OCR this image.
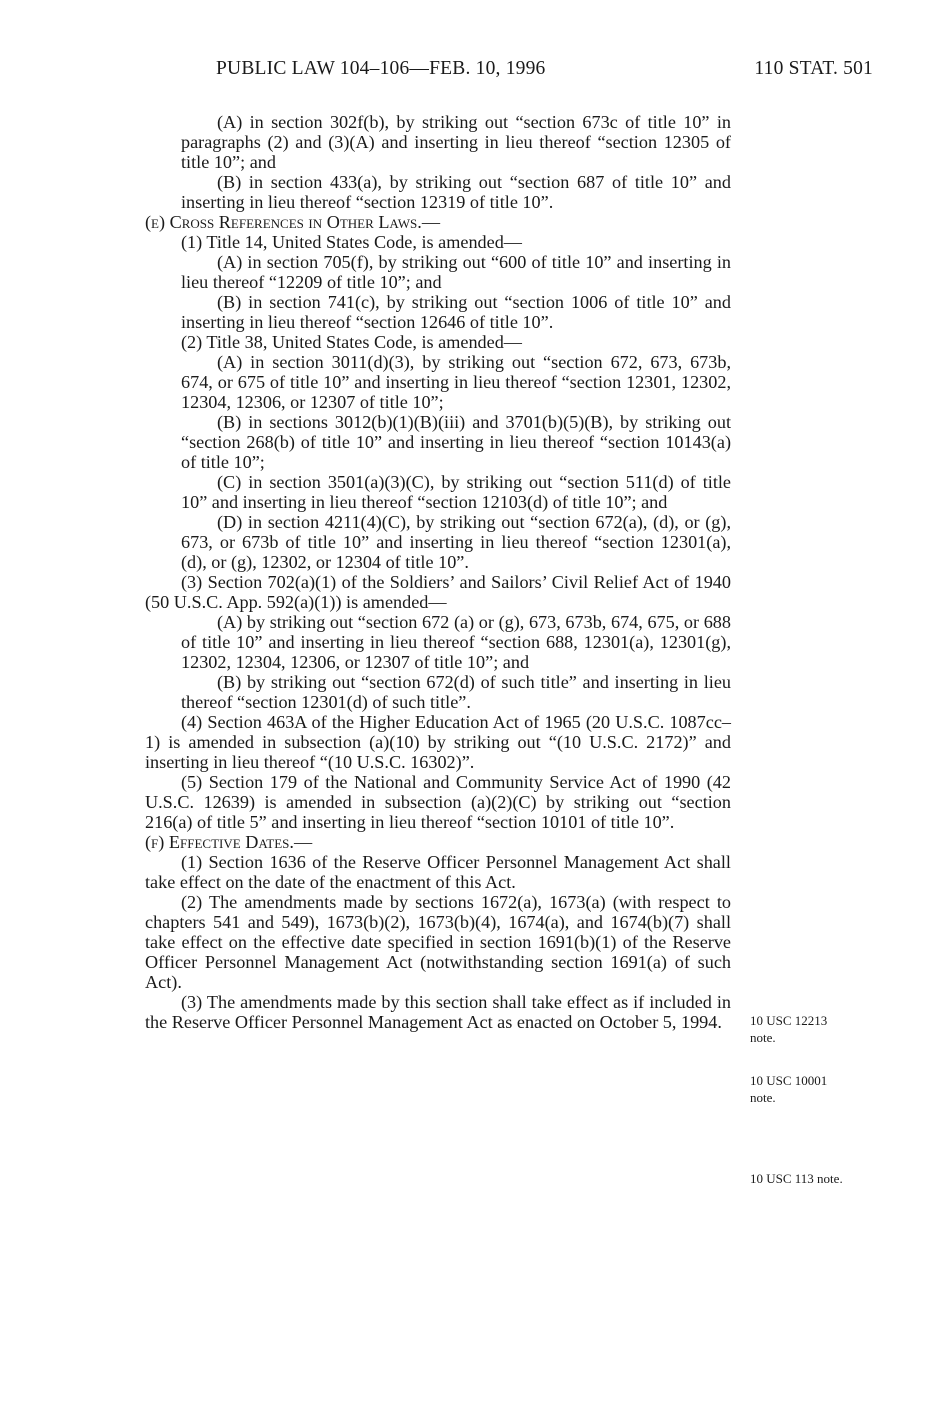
PUBLIC LAW 104–106—FEB. 10, 1996	110 STAT. 501

(A) in section 302f(b), by striking out “section 673c of title 10” in paragraphs (2) and (3)(A) and inserting in lieu thereof “section 12305 of title 10”; and

(B) in section 433(a), by striking out “section 687 of title 10” and inserting in lieu thereof “section 12319 of title 10”.

(e) Cross References in Other Laws.—

(1) Title 14, United States Code, is amended—

(A) in section 705(f), by striking out “600 of title 10” and inserting in lieu thereof “12209 of title 10”; and

(B) in section 741(c), by striking out “section 1006 of title 10” and inserting in lieu thereof “section 12646 of title 10”.

(2) Title 38, United States Code, is amended—

(A) in section 3011(d)(3), by striking out “section 672, 673, 673b, 674, or 675 of title 10” and inserting in lieu thereof “section 12301, 12302, 12304, 12306, or 12307 of title 10”;

(B) in sections 3012(b)(1)(B)(iii) and 3701(b)(5)(B), by striking out “section 268(b) of title 10” and inserting in lieu thereof “section 10143(a) of title 10”;

(C) in section 3501(a)(3)(C), by striking out “section 511(d) of title 10” and inserting in lieu thereof “section 12103(d) of title 10”; and

(D) in section 4211(4)(C), by striking out “section 672(a), (d), or (g), 673, or 673b of title 10” and inserting in lieu thereof “section 12301(a), (d), or (g), 12302, or 12304 of title 10”.

(3) Section 702(a)(1) of the Soldiers’ and Sailors’ Civil Relief Act of 1940 (50 U.S.C. App. 592(a)(1)) is amended—

(A) by striking out “section 672 (a) or (g), 673, 673b, 674, 675, or 688 of title 10” and inserting in lieu thereof “section 688, 12301(a), 12301(g), 12302, 12304, 12306, or 12307 of title 10”; and

(B) by striking out “section 672(d) of such title” and inserting in lieu thereof “section 12301(d) of such title”.

(4) Section 463A of the Higher Education Act of 1965 (20 U.S.C. 1087cc–1) is amended in subsection (a)(10) by striking out “(10 U.S.C. 2172)” and inserting in lieu thereof “(10 U.S.C. 16302)”.

(5) Section 179 of the National and Community Service Act of 1990 (42 U.S.C. 12639) is amended in subsection (a)(2)(C) by striking out “section 216(a) of title 5” and inserting in lieu thereof “section 10101 of title 10”.

(f) Effective Dates.—

(1) Section 1636 of the Reserve Officer Personnel Management Act shall take effect on the date of the enactment of this Act.

(2) The amendments made by sections 1672(a), 1673(a) (with respect to chapters 541 and 549), 1673(b)(2), 1673(b)(4), 1674(a), and 1674(b)(7) shall take effect on the effective date specified in section 1691(b)(1) of the Reserve Officer Personnel Management Act (notwithstanding section 1691(a) of such Act).

(3) The amendments made by this section shall take effect as if included in the Reserve Officer Personnel Management Act as enacted on October 5, 1994.	10 USC 12213
note.
10 USC 10001
note.
10 USC 113 note.
